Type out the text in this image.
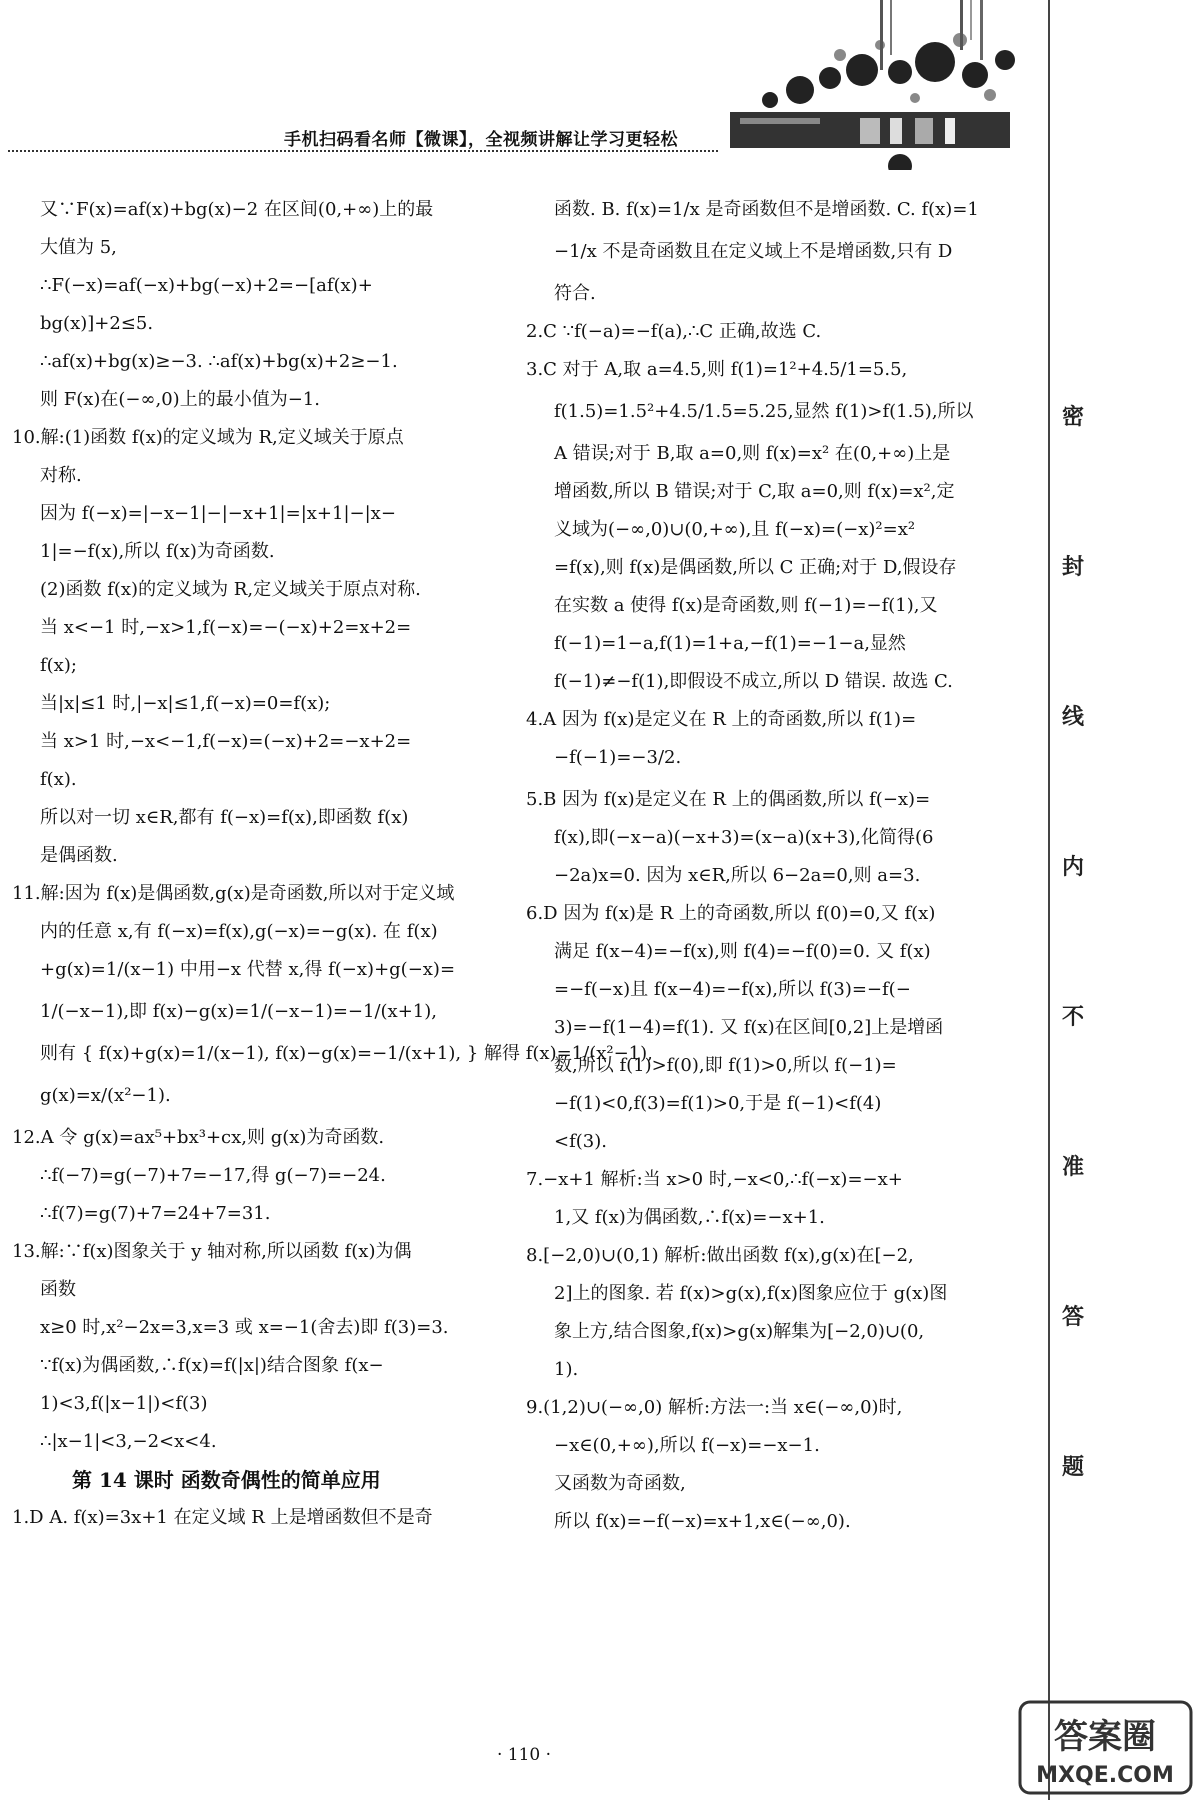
手机扫码看名师【微课】，全视频讲解让学习更轻松
密
封
线
内
不
准
答
题
又∵F(x)=af(x)+bg(x)−2 在区间(0,+∞)上的最
大值为 5,
∴F(−x)=af(−x)+bg(−x)+2=−[af(x)+
bg(x)]+2≤5.
∴af(x)+bg(x)≥−3. ∴af(x)+bg(x)+2≥−1.
则 F(x)在(−∞,0)上的最小值为−1.
10.解:(1)函数 f(x)的定义域为 R,定义域关于原点
对称.
因为 f(−x)=|−x−1|−|−x+1|=|x+1|−|x−
1|=−f(x),所以 f(x)为奇函数.
(2)函数 f(x)的定义域为 R,定义域关于原点对称.
当 x<−1 时,−x>1,f(−x)=−(−x)+2=x+2=
f(x);
当|x|≤1 时,|−x|≤1,f(−x)=0=f(x);
当 x>1 时,−x<−1,f(−x)=(−x)+2=−x+2=
f(x).
所以对一切 x∈R,都有 f(−x)=f(x),即函数 f(x)
是偶函数.
11.解:因为 f(x)是偶函数,g(x)是奇函数,所以对于定义域
内的任意 x,有 f(−x)=f(x),g(−x)=−g(x). 在 f(x)
+g(x)=1/(x−1) 中用−x 代替 x,得 f(−x)+g(−x)=
1/(−x−1),即 f(x)−g(x)=1/(−x−1)=−1/(x+1),
则有 { f(x)+g(x)=1/(x−1), f(x)−g(x)=−1/(x+1), } 解得 f(x)=1/(x²−1),
g(x)=x/(x²−1).
12.A 令 g(x)=ax⁵+bx³+cx,则 g(x)为奇函数.
∴f(−7)=g(−7)+7=−17,得 g(−7)=−24.
∴f(7)=g(7)+7=24+7=31.
13.解:∵f(x)图象关于 y 轴对称,所以函数 f(x)为偶
函数
x≥0 时,x²−2x=3,x=3 或 x=−1(舍去)即 f(3)=3.
∵f(x)为偶函数,∴f(x)=f(|x|)结合图象 f(x−
1)<3,f(|x−1|)<f(3)
∴|x−1|<3,−2<x<4.
第 14 课时 函数奇偶性的简单应用
1.D A. f(x)=3x+1 在定义域 R 上是增函数但不是奇
函数. B. f(x)=1/x 是奇函数但不是增函数. C. f(x)=1
−1/x 不是奇函数且在定义域上不是增函数,只有 D
符合.
2.C ∵f(−a)=−f(a),∴C 正确,故选 C.
3.C 对于 A,取 a=4.5,则 f(1)=1²+4.5/1=5.5,
f(1.5)=1.5²+4.5/1.5=5.25,显然 f(1)>f(1.5),所以
A 错误;对于 B,取 a=0,则 f(x)=x² 在(0,+∞)上是
增函数,所以 B 错误;对于 C,取 a=0,则 f(x)=x²,定
义域为(−∞,0)∪(0,+∞),且 f(−x)=(−x)²=x²
=f(x),则 f(x)是偶函数,所以 C 正确;对于 D,假设存
在实数 a 使得 f(x)是奇函数,则 f(−1)=−f(1),又
f(−1)=1−a,f(1)=1+a,−f(1)=−1−a,显然
f(−1)≠−f(1),即假设不成立,所以 D 错误. 故选 C.
4.A 因为 f(x)是定义在 R 上的奇函数,所以 f(1)=
−f(−1)=−3/2.
5.B 因为 f(x)是定义在 R 上的偶函数,所以 f(−x)=
f(x),即(−x−a)(−x+3)=(x−a)(x+3),化简得(6
−2a)x=0. 因为 x∈R,所以 6−2a=0,则 a=3.
6.D 因为 f(x)是 R 上的奇函数,所以 f(0)=0,又 f(x)
满足 f(x−4)=−f(x),则 f(4)=−f(0)=0. 又 f(x)
=−f(−x)且 f(x−4)=−f(x),所以 f(3)=−f(−
3)=−f(1−4)=f(1). 又 f(x)在区间[0,2]上是增函
数,所以 f(1)>f(0),即 f(1)>0,所以 f(−1)=
−f(1)<0,f(3)=f(1)>0,于是 f(−1)<f(4)
<f(3).
7.−x+1 解析:当 x>0 时,−x<0,∴f(−x)=−x+
1,又 f(x)为偶函数,∴f(x)=−x+1.
8.[−2,0)∪(0,1) 解析:做出函数 f(x),g(x)在[−2,
2]上的图象. 若 f(x)>g(x),f(x)图象应位于 g(x)图
象上方,结合图象,f(x)>g(x)解集为[−2,0)∪(0,
1).
9.(1,2)∪(−∞,0) 解析:方法一:当 x∈(−∞,0)时,
−x∈(0,+∞),所以 f(−x)=−x−1.
又函数为奇函数,
所以 f(x)=−f(−x)=x+1,x∈(−∞,0).
· 110 ·	答案圈
MXQE.COM
